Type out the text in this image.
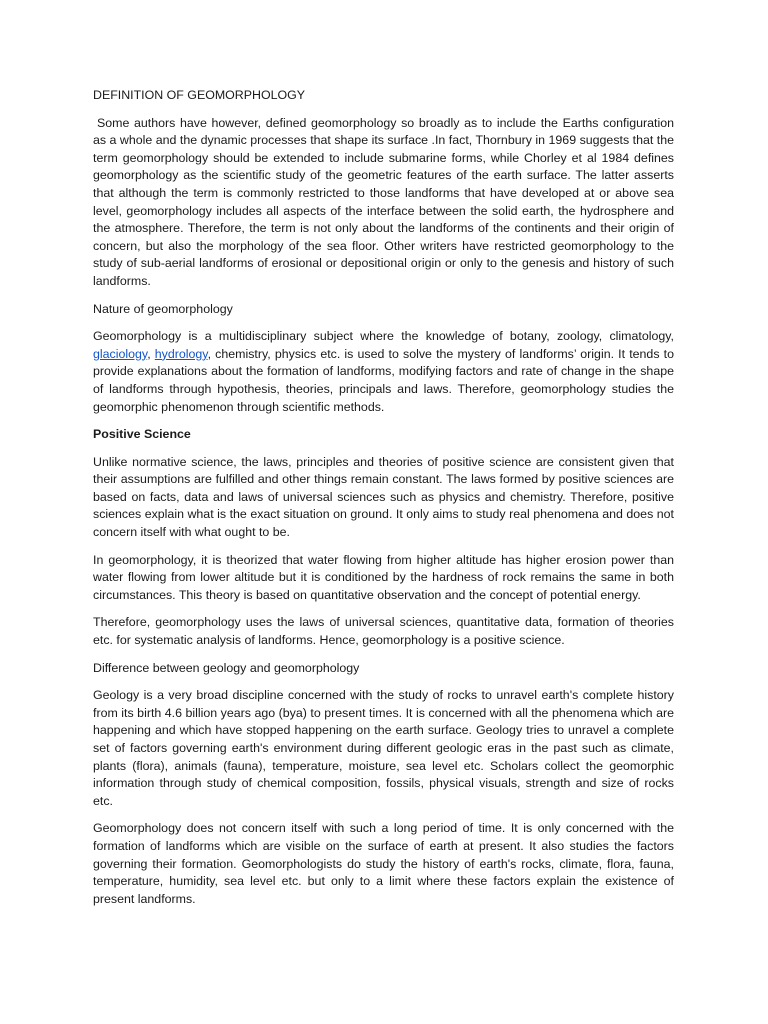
DEFINITION OF GEOMORPHOLOGY

Some authors have however, defined geomorphology so broadly as to include the Earths configuration as a whole and the dynamic processes that shape its surface .In fact, Thornbury in 1969 suggests that the term geomorphology should be extended to include submarine forms, while Chorley et al 1984 defines geomorphology as the scientific study of the geometric features of the earth surface. The latter asserts that although the term is commonly restricted to those landforms that have developed at or above sea level, geomorphology includes all aspects of the interface between the solid earth, the hydrosphere and the atmosphere. Therefore, the term is not only about the landforms of the continents and their origin of concern, but also the morphology of the sea floor. Other writers have restricted geomorphology to the study of sub-aerial landforms of erosional or depositional origin or only to the genesis and history of such landforms.

Nature of geomorphology

Geomorphology is a multidisciplinary subject where the knowledge of botany, zoology, climatology, glaciology, hydrology, chemistry, physics etc. is used to solve the mystery of landforms’ origin. It tends to provide explanations about the formation of landforms, modifying factors and rate of change in the shape of landforms through hypothesis, theories, principals and laws. Therefore, geomorphology studies the geomorphic phenomenon through scientific methods.

Positive Science

Unlike normative science, the laws, principles and theories of positive science are consistent given that their assumptions are fulfilled and other things remain constant. The laws formed by positive sciences are based on facts, data and laws of universal sciences such as physics and chemistry. Therefore, positive sciences explain what is the exact situation on ground. It only aims to study real phenomena and does not concern itself with what ought to be.

In geomorphology, it is theorized that water flowing from higher altitude has higher erosion power than water flowing from lower altitude but it is conditioned by the hardness of rock remains the same in both circumstances. This theory is based on quantitative observation and the concept of potential energy.

Therefore, geomorphology uses the laws of universal sciences, quantitative data, formation of theories etc. for systematic analysis of landforms. Hence, geomorphology is a positive science.

Difference between geology and geomorphology

Geology is a very broad discipline concerned with the study of rocks to unravel earth's complete history from its birth 4.6 billion years ago (bya) to present times. It is concerned with all the phenomena which are happening and which have stopped happening on the earth surface. Geology tries to unravel a complete set of factors governing earth's environment during different geologic eras in the past such as climate, plants (flora), animals (fauna), temperature, moisture, sea level etc. Scholars collect the geomorphic information through study of chemical composition, fossils, physical visuals, strength and size of rocks etc.

Geomorphology does not concern itself with such a long period of time. It is only concerned with the formation of landforms which are visible on the surface of earth at present. It also studies the factors governing their formation. Geomorphologists do study the history of earth's rocks, climate, flora, fauna, temperature, humidity, sea level etc. but only to a limit where these factors explain the existence of present landforms.
